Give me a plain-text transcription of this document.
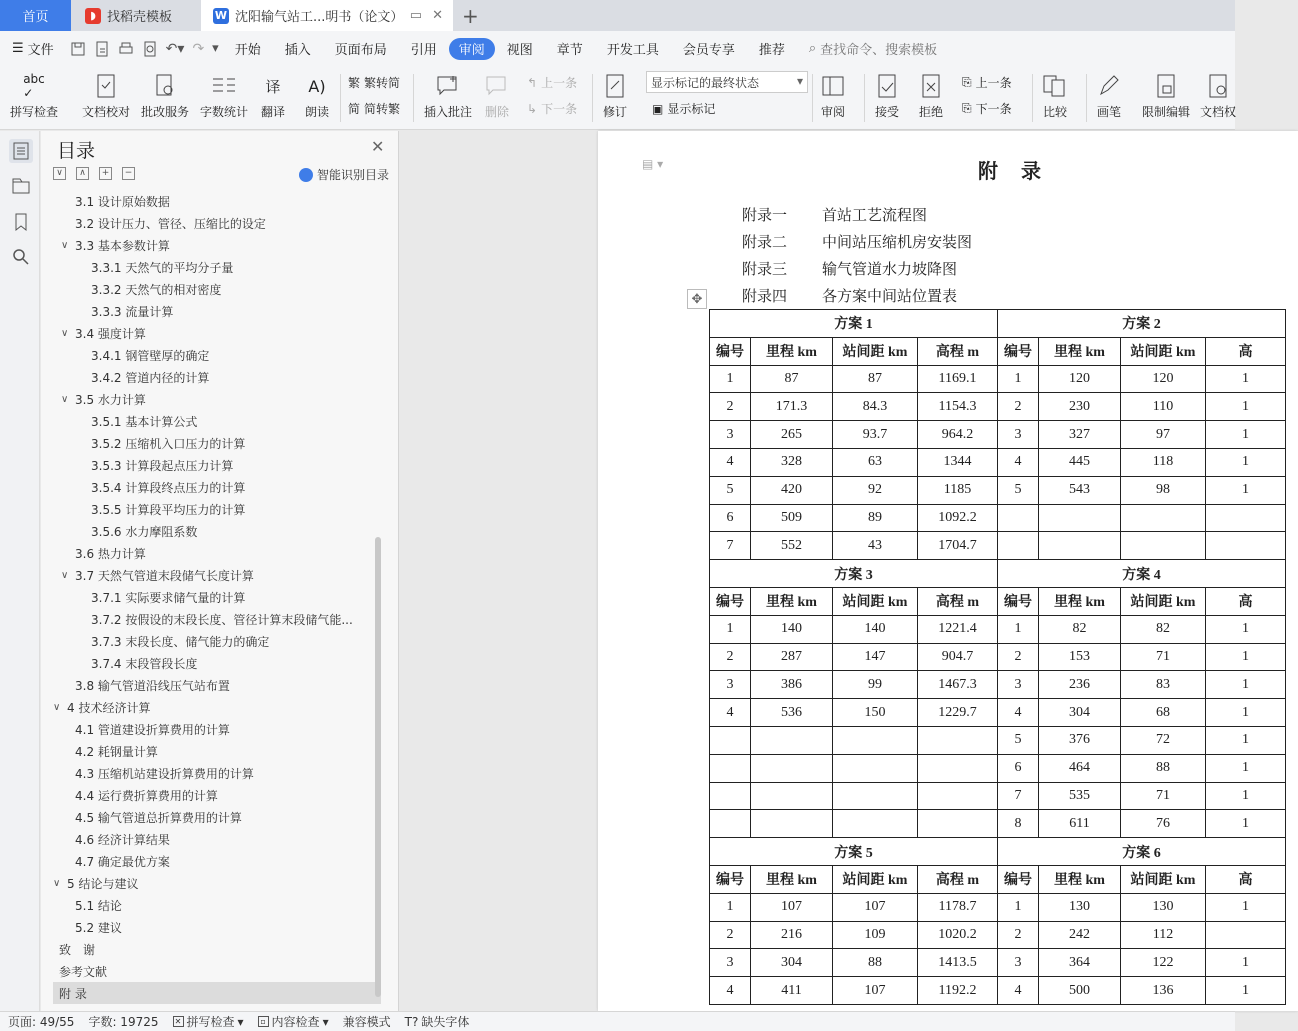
首页	◗ 找稻壳模板	W 沈阳输气站工...明书（论文） ▭ ✕ +
☰ 文件	↶▾ ↷ ▾	开始	插入	页面布局	引用	审阅	视图	章节	开发工具	会员专享	推荐	⌕ 查找命令、搜索模板
abc
✓
拼写检查 文档校对 批改服务 字数统计
译
翻译
A)
朗读
繁 繁转简
简 简转繁 插入批注 删除
↰ 上一条
↳ 下一条 修订
显示标记的最终状态	▾
▣ 显示标记	审阅 接受 拒绝
⎘ 上一条
⎘ 下一条	比较 画笔 限制编辑 文档权
目录	✕
∨	∧	+	−	智能识别目录
3.1 设计原始数据
3.2 设计压力、管径、压缩比的设定
∨ 3.3 基本参数计算
3.3.1 天然气的平均分子量
3.3.2 天然气的相对密度
3.3.3 流量计算
∨ 3.4 强度计算
3.4.1 钢管壁厚的确定
3.4.2 管道内径的计算
∨ 3.5 水力计算
3.5.1 基本计算公式
3.5.2 压缩机入口压力的计算
3.5.3 计算段起点压力计算
3.5.4 计算段终点压力的计算
3.5.5 计算段平均压力的计算
3.5.6 水力摩阻系数
3.6 热力计算
∨ 3.7 天然气管道末段储气长度计算
3.7.1 实际要求储气量的计算
3.7.2 按假设的末段长度、管径计算末段储气能...
3.7.3 末段长度、储气能力的确定
3.7.4 末段管段长度
3.8 输气管道沿线压气站布置
∨ 4 技术经济计算
4.1 管道建设折算费用的计算
4.2 耗钢量计算
4.3 压缩机站建设折算费用的计算
4.4 运行费折算费用的计算
4.5 输气管道总折算费用的计算
4.6 经济计算结果
4.7 确定最优方案
∨ 5 结论与建议
5.1 结论
5.2 建议
致　谢
参考文献
附 录
▤ ▾	附 录
附录一	首站工艺流程图
附录二	中间站压缩机房安装图
附录三	输气管道水力坡降图
附录四	各方案中间站位置表
✥
方案 1				方案 2			
编号	里程 km	站间距 km	高程 m	编号	里程 km	站间距 km	高
1	87	87	1169.1	1	120	120	1
2	171.3	84.3	1154.3	2	230	110	1
3	265	93.7	964.2	3	327	97	1
4	328	63	1344	4	445	118	1
5	420	92	1185	5	543	98	1
6	509	89	1092.2				
7	552	43	1704.7				
方案 3				方案 4			
编号	里程 km	站间距 km	高程 m	编号	里程 km	站间距 km	高
1	140	140	1221.4	1	82	82	1
2	287	147	904.7	2	153	71	1
3	386	99	1467.3	3	236	83	1
4	536	150	1229.7	4	304	68	1
				5	376	72	1
				6	464	88	1
				7	535	71	1
				8	611	76	1
方案 5				方案 6			
编号	里程 km	站间距 km	高程 m	编号	里程 km	站间距 km	高
1	107	107	1178.7	1	130	130	1
2	216	109	1020.2	2	242	112	
3	304	88	1413.5	3	364	122	1
4	411	107	1192.2	4	500	136	1
页面: 49/55 字数: 19725 ✕ 拼写检查 ▾	▫ 内容检查 ▾ 兼容模式 T? 缺失字体
